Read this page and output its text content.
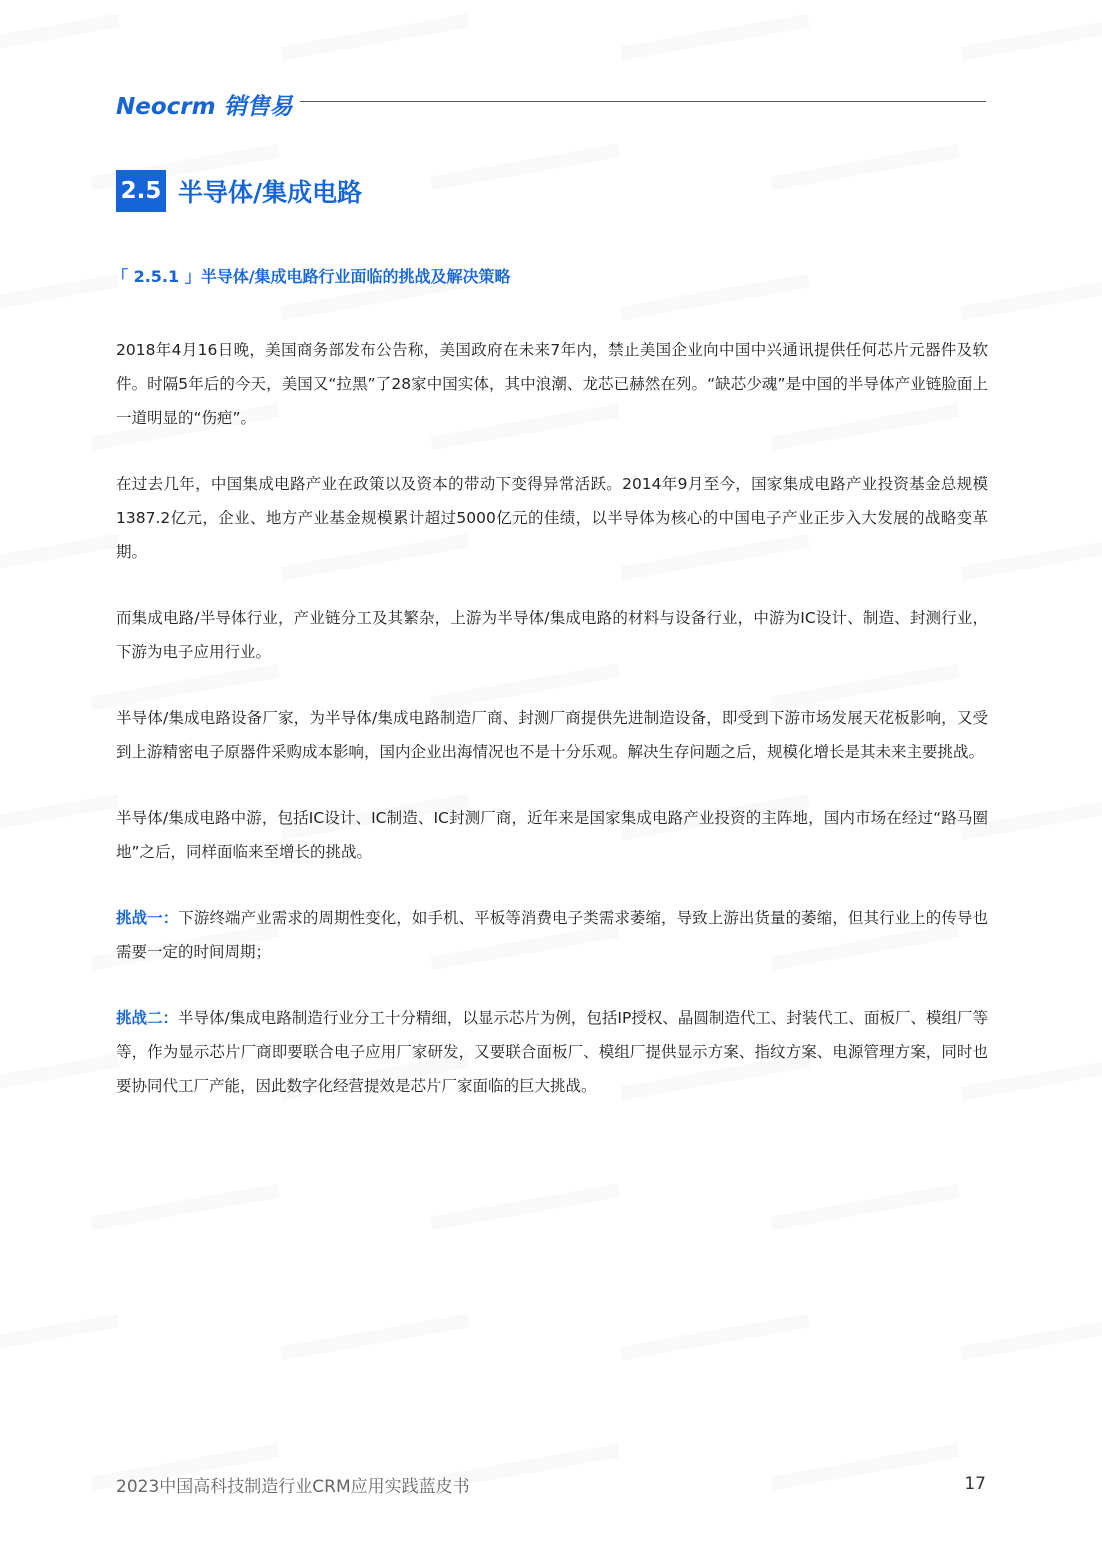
Neocrm 销售易
2.5 半导体/集成电路
「 2.5.1 」半导体/集成电路行业面临的挑战及解决策略

2018年4月16日晚，美国商务部发布公告称，美国政府在未来7年内，禁止美国企业向中国中兴通讯提供任何芯片元器件及软件。时隔5年后的今天，美国又“拉黑”了28家中国实体，其中浪潮、龙芯已赫然在列。“缺芯少魂”是中国的半导体产业链脸面上一道明显的“伤疤”。

在过去几年，中国集成电路产业在政策以及资本的带动下变得异常活跃。2014年9月至今，国家集成电路产业投资基金总规模1387.2亿元，企业、地方产业基金规模累计超过5000亿元的佳绩，以半导体为核心的中国电子产业正步入大发展的战略变革期。

而集成电路/半导体行业，产业链分工及其繁杂，上游为半导体/集成电路的材料与设备行业，中游为IC设计、制造、封测行业，下游为电子应用行业。

半导体/集成电路设备厂家，为半导体/集成电路制造厂商、封测厂商提供先进制造设备，即受到下游市场发展天花板影响，又受到上游精密电子原器件采购成本影响，国内企业出海情况也不是十分乐观。解决生存问题之后，规模化增长是其未来主要挑战。

半导体/集成电路中游，包括IC设计、IC制造、IC封测厂商，近年来是国家集成电路产业投资的主阵地，国内市场在经过“路马圈地”之后，同样面临来至增长的挑战。

挑战一：下游终端产业需求的周期性变化，如手机、平板等消费电子类需求萎缩，导致上游出货量的萎缩，但其行业上的传导也需要一定的时间周期；

挑战二：半导体/集成电路制造行业分工十分精细，以显示芯片为例，包括IP授权、晶圆制造代工、封装代工、面板厂、模组厂等等，作为显示芯片厂商即要联合电子应用厂家研发，又要联合面板厂、模组厂提供显示方案、指纹方案、电源管理方案，同时也要协同代工厂产能，因此数字化经营提效是芯片厂家面临的巨大挑战。

2023中国高科技制造行业CRM应用实践蓝皮书	17
